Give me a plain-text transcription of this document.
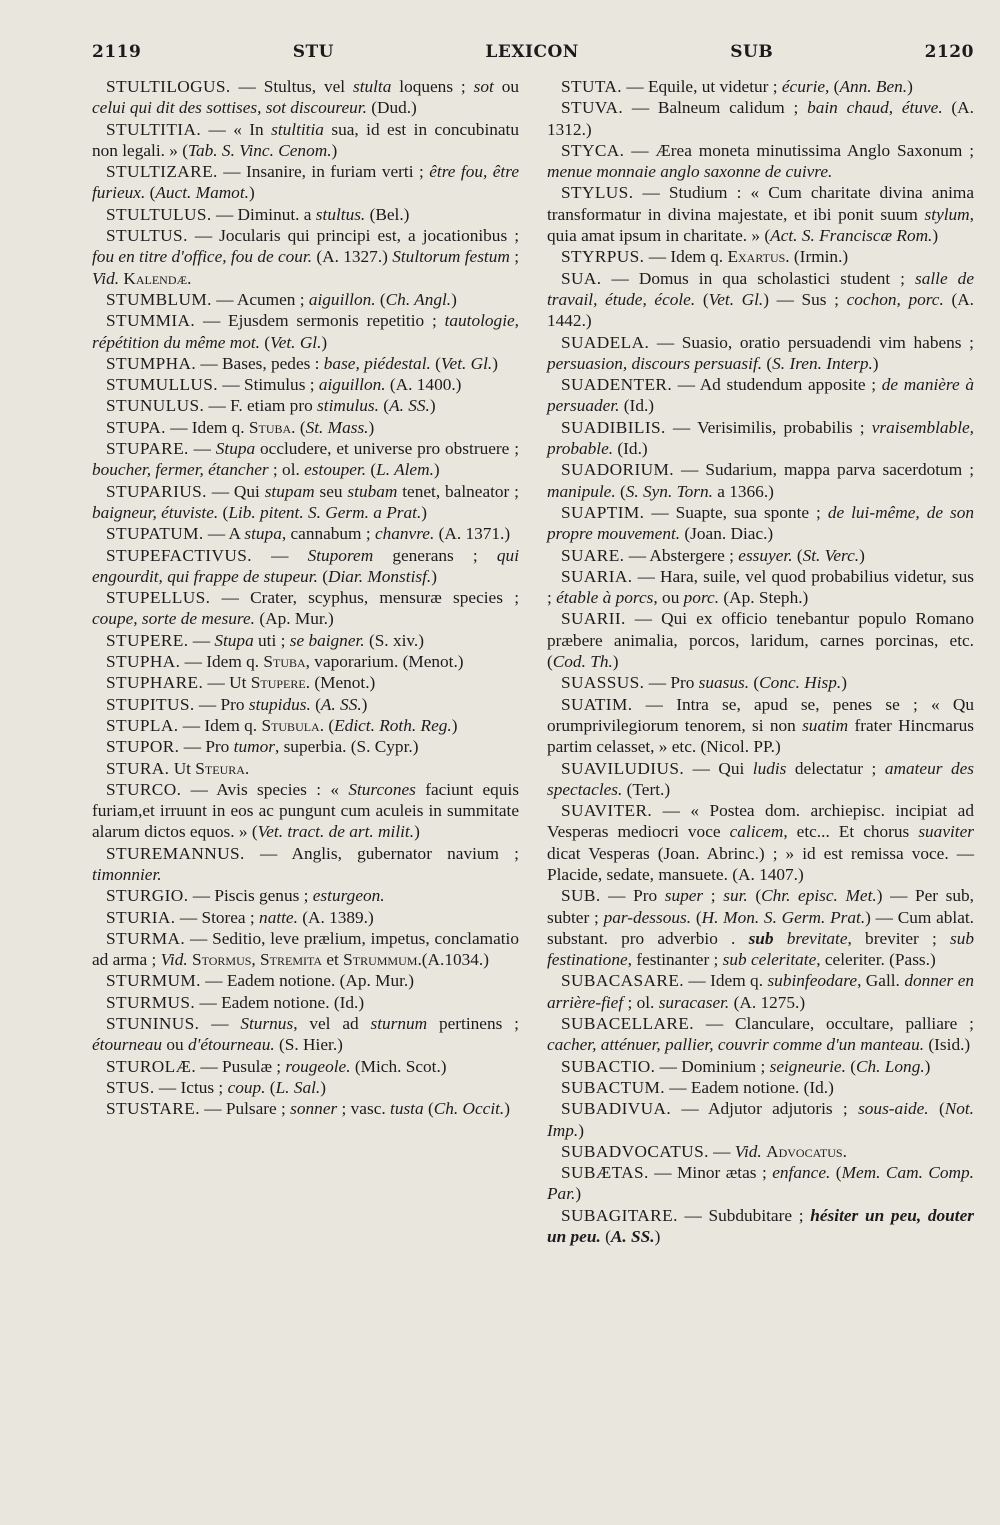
2119	STU	LEXICON	SUB	2120

STULTILOGUS. — Stultus, vel stulta loquens ; sot ou celui qui dit des sottises, sot discoureur. (Dud.)

STULTITIA. — « In stultitia sua, id est in concubinatu non legali. » (Tab. S. Vinc. Cenom.)

STULTIZARE. — Insanire, in furiam verti ; être fou, être furieux. (Auct. Mamot.)

STULTULUS. — Diminut. a stultus. (Bel.)

STULTUS. — Jocularis qui principi est, a jocationibus ; fou en titre d'office, fou de cour. (A. 1327.) Stultorum festum ; Vid. Kalendæ.

STUMBLUM. — Acumen ; aiguillon. (Ch. Angl.)

STUMMIA. — Ejusdem sermonis repetitio ; tautologie, répétition du même mot. (Vet. Gl.)

STUMPHA. — Bases, pedes : base, piédestal. (Vet. Gl.)

STUMULLUS. — Stimulus ; aiguillon. (A. 1400.)

STUNULUS. — F. etiam pro stimulus. (A. SS.)

STUPA. — Idem q. Stuba. (St. Mass.)

STUPARE. — Stupa occludere, et universe pro obstruere ; boucher, fermer, étancher ; ol. estouper. (L. Alem.)

STUPARIUS. — Qui stupam seu stubam tenet, balneator ; baigneur, étuviste. (Lib. pitent. S. Germ. a Prat.)

STUPATUM. — A stupa, cannabum ; chanvre. (A. 1371.)

STUPEFACTIVUS. — Stuporem generans ; qui engourdit, qui frappe de stupeur. (Diar. Monstisf.)

STUPELLUS. — Crater, scyphus, mensuræ species ; coupe, sorte de mesure. (Ap. Mur.)

STUPERE. — Stupa uti ; se baigner. (S. xiv.)

STUPHA. — Idem q. Stuba, vaporarium. (Menot.)

STUPHARE. — Ut Stupere. (Menot.)

STUPITUS. — Pro stupidus. (A. SS.)

STUPLA. — Idem q. Stubula. (Edict. Roth. Reg.)

STUPOR. — Pro tumor, superbia. (S. Cypr.)

STURA. Ut Steura.

STURCO. — Avis species : « Sturcones faciunt equis furiam,et irruunt in eos ac pungunt cum aculeis in summitate alarum dictos equos. » (Vet. tract. de art. milit.)

STUREMANNUS. — Anglis, gubernator navium ; timonnier.

STURGIO. — Piscis genus ; esturgeon.

STURIA. — Storea ; natte. (A. 1389.)

STURMA. — Seditio, leve prælium, impetus, conclamatio ad arma ; Vid. Stormus, Stremita et Strummum.(A.1034.)

STURMUM. — Eadem notione. (Ap. Mur.)

STURMUS. — Eadem notione. (Id.)

STUNINUS. — Sturnus, vel ad sturnum pertinens ; étourneau ou d'étourneau. (S. Hier.)

STUROLÆ. — Pusulæ ; rougeole. (Mich. Scot.)

STUS. — Ictus ; coup. (L. Sal.)

STUSTARE. — Pulsare ; sonner ; vasc. tusta (Ch. Occit.)

STUTA. — Equile, ut videtur ; écurie, (Ann. Ben.)

STUVA. — Balneum calidum ; bain chaud, étuve. (A. 1312.)

STYCA. — Ærea moneta minutissima Anglo Saxonum ; menue monnaie anglo saxonne de cuivre.

STYLUS. — Studium : « Cum charitate divina anima transformatur in divina majestate, et ibi ponit suum stylum, quia amat ipsum in charitate. » (Act. S. Franciscæ Rom.)

STYRPUS. — Idem q. Exartus. (Irmin.)

SUA. — Domus in qua scholastici student ; salle de travail, étude, école. (Vet. Gl.) — Sus ; cochon, porc. (A. 1442.)

SUADELA. — Suasio, oratio persuadendi vim habens ; persuasion, discours persuasif. (S. Iren. Interp.)

SUADENTER. — Ad studendum apposite ; de manière à persuader. (Id.)

SUADIBILIS. — Verisimilis, probabilis ; vraisemblable, probable. (Id.)

SUADORIUM. — Sudarium, mappa parva sacerdotum ; manipule. (S. Syn. Torn. a 1366.)

SUAPTIM. — Suapte, sua sponte ; de lui-même, de son propre mouvement. (Joan. Diac.)

SUARE. — Abstergere ; essuyer. (St. Verc.)

SUARIA. — Hara, suile, vel quod probabilius videtur, sus ; étable à porcs, ou porc. (Ap. Steph.)

SUARII. — Qui ex officio tenebantur populo Romano præbere animalia, porcos, laridum, carnes porcinas, etc. (Cod. Th.)

SUASSUS. — Pro suasus. (Conc. Hisp.)

SUATIM. — Intra se, apud se, penes se ; « Qu orumprivilegiorum tenorem, si non suatim frater Hincmarus partim celasset, » etc. (Nicol. PP.)

SUAVILUDIUS. — Qui ludis delectatur ; amateur des spectacles. (Tert.)

SUAVITER. — « Postea dom. archiepisc. incipiat ad Vesperas mediocri voce calicem, etc... Et chorus suaviter dicat Vesperas (Joan. Abrinc.) ; » id est remissa voce. — Placide, sedate, mansuete. (A. 1407.)

SUB. — Pro super ; sur. (Chr. episc. Met.) — Per sub, subter ; par-dessous. (H. Mon. S. Germ. Prat.) — Cum ablat. substant. pro adverbio . sub brevitate, breviter ; sub festinatione, festinanter ; sub celeritate, celeriter. (Pass.)

SUBACASARE. — Idem q. subinfeodare, Gall. donner en arrière-fief ; ol. suracaser. (A. 1275.)

SUBACELLARE. — Clanculare, occultare, palliare ; cacher, atténuer, pallier, couvrir comme d'un manteau. (Isid.)

SUBACTIO. — Dominium ; seigneurie. (Ch. Long.)

SUBACTUM. — Eadem notione. (Id.)

SUBADIVUA. — Adjutor adjutoris ; sous-aide. (Not. Imp.)

SUBADVOCATUS. — Vid. Advocatus.

SUBÆTAS. — Minor ætas ; enfance. (Mem. Cam. Comp. Par.)

SUBAGITARE. — Subdubitare ; hésiter un peu, douter un peu. (A. SS.)
